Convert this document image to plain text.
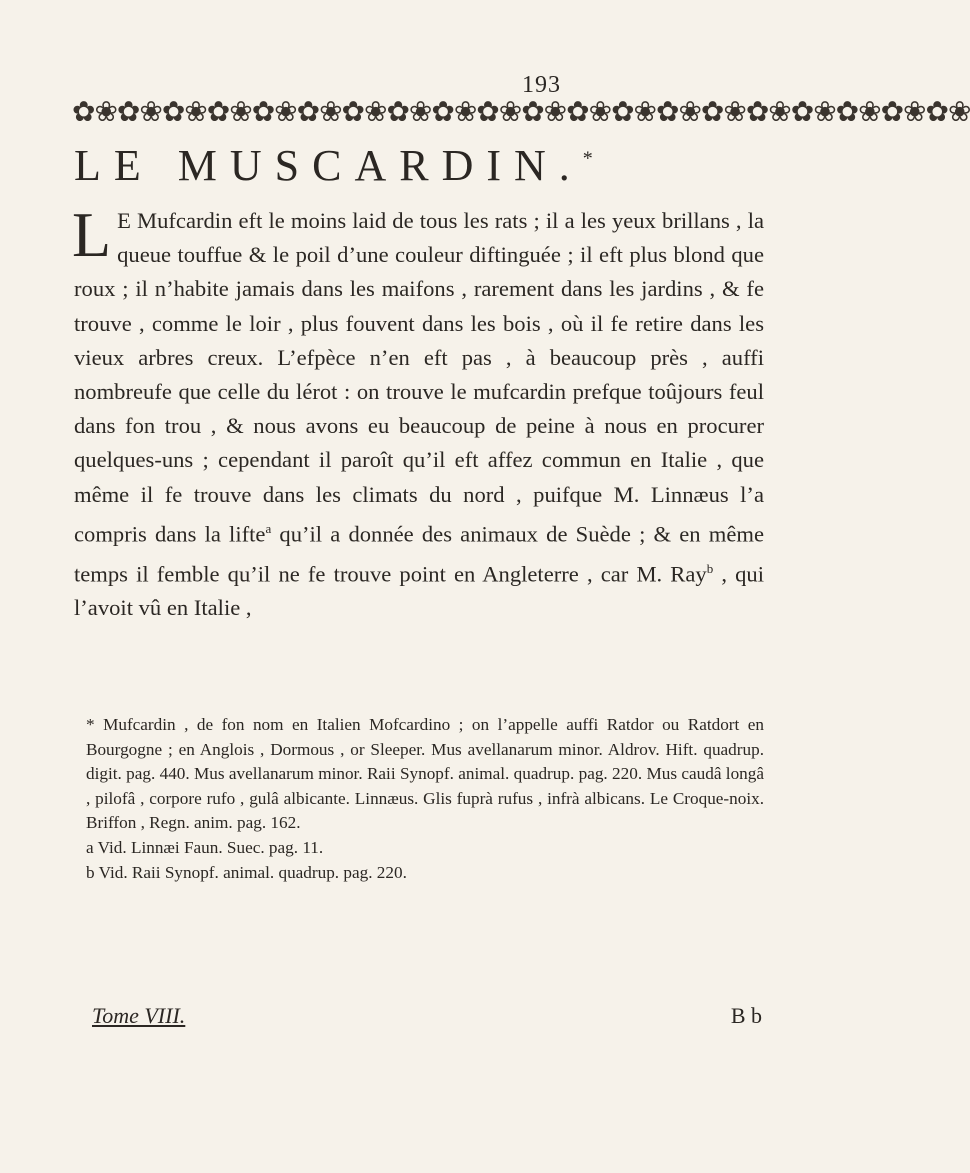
193
✿❀✿❀✿❀✿❀✿❀✿❀✿❀✿❀✿❀✿❀✿❀✿❀✿❀✿❀✿❀✿❀✿❀✿❀✿❀✿❀
LE MUSCARDIN.*
L E Mufcardin eft le moins laid de tous les rats ; il a les yeux brillans , la queue touffue & le poil d’une couleur diftinguée ; il eft plus blond que roux ; il n’habite jamais dans les maifons , rarement dans les jardins , & fe trouve , comme le loir , plus fouvent dans les bois , où il fe retire dans les vieux arbres creux. L’efpèce n’en eft pas , à beaucoup près , auffi nombreufe que celle du lérot : on trouve le mufcardin prefque toûjours feul dans fon trou , & nous avons eu beaucoup de peine à nous en procurer quelques-uns ; cependant il paroît qu’il eft affez commun en Italie , que même il fe trouve dans les climats du nord , puifque M. Linnæus l’a compris dans la lifte$^a$ qu’il a donnée des animaux de Suède ; & en même temps il femble qu’il ne fe trouve point en Angleterre , car M. Ray$^b$ , qui l’avoit vû en Italie ,

* Mufcardin , de fon nom en Italien Mofcardino ; on l’appelle auffi Ratdor ou Ratdort en Bourgogne ; en Anglois , Dormous , or Sleeper. Mus avellanarum minor. Aldrov. Hift. quadrup. digit. pag. 440. Mus avellanarum minor. Raii Synopf. animal. quadrup. pag. 220. Mus caudâ longâ , pilofâ , corpore rufo , gulâ albicante. Linnæus. Glis fuprà rufus , infrà albicans. Le Croque-noix. Briffon , Regn. anim. pag. 162.

a Vid. Linnæi Faun. Suec. pag. 11.

b Vid. Raii Synopf. animal. quadrup. pag. 220.

Tome VIII.	B b
